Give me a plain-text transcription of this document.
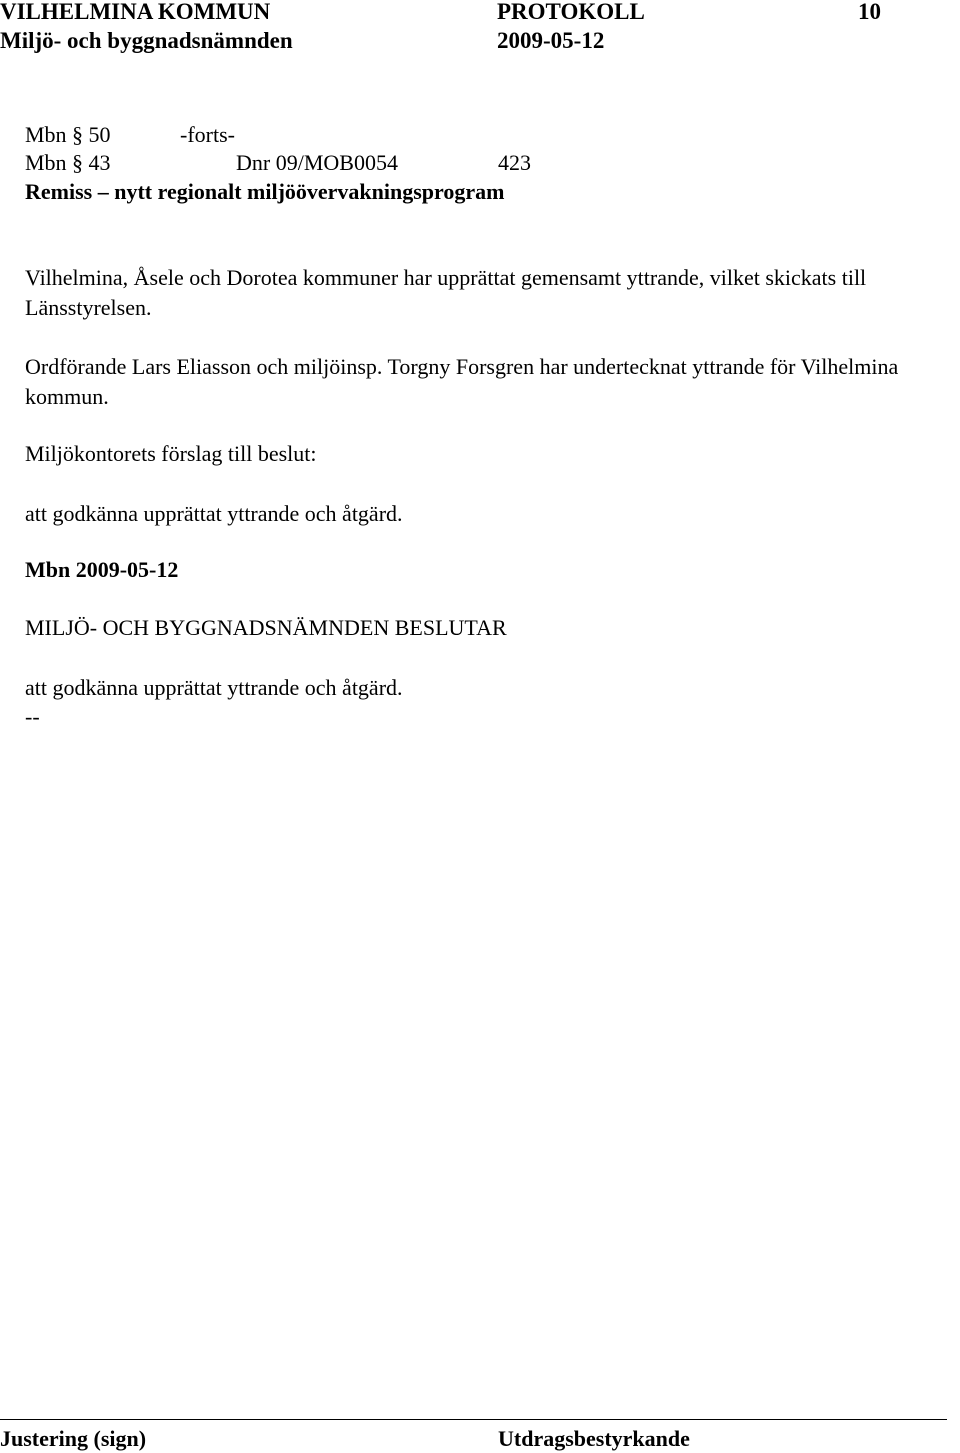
VILHELMINA KOMMUN	PROTOKOLL	10
Miljö- och byggnadsnämnden	2009-05-12
Mbn § 50	-forts-
Mbn § 43	Dnr 09/MOB0054	423
Remiss – nytt regionalt miljöövervakningsprogram
Vilhelmina, Åsele och Dorotea kommuner har upprättat gemensamt yttrande, vilket skickats till Länsstyrelsen.
Ordförande Lars Eliasson och miljöinsp. Torgny Forsgren har undertecknat yttrande för Vilhelmina kommun.
Miljökontorets förslag till beslut:
att godkänna upprättat yttrande och åtgärd.
Mbn 2009-05-12
MILJÖ- OCH BYGGNADSNÄMNDEN BESLUTAR
att godkänna upprättat yttrande och åtgärd.
--
Justering (sign)	Utdragsbestyrkande
